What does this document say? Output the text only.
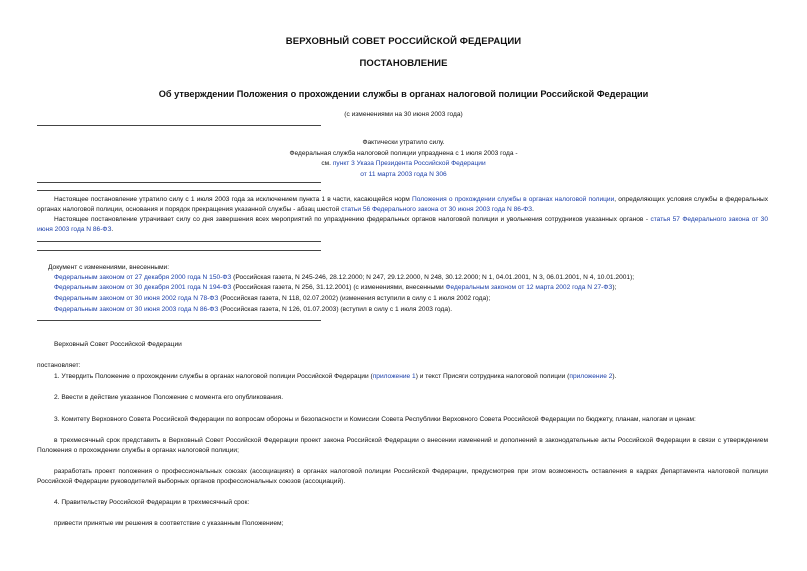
ВЕРХОВНЫЙ СОВЕТ РОССИЙСКОЙ ФЕДЕРАЦИИ
ПОСТАНОВЛЕНИЕ
Об утверждении Положения о прохождении службы в органах налоговой полиции Российской Федерации
(с изменениями на 30 июня 2003 года)
Фактически утратило силу.
Федеральная служба налоговой полиции упразднена с 1 июля 2003 года -
см. пункт 3 Указа Президента Российской Федерации
от 11 марта 2003 года N 306
Настоящее постановление утратило силу с 1 июля 2003 года за исключением пункта 1 в части, касающейся норм Положения о прохождении службы в органах налоговой полиции, определяющих условия службы в федеральных органах налоговой полиции, основания и порядок прекращения указанной службы - абзац шестой статьи 56 Федерального закона от 30 июня 2003 года N 86-ФЗ.
Настоящее постановление утрачивает силу со дня завершения всех мероприятий по упразднению федеральных органов налоговой полиции и увольнения сотрудников указанных органов - статья 57 Федерального закона от 30 июня 2003 года N 86-ФЗ.
Документ с изменениями, внесенными:
Федеральным законом от 27 декабря 2000 года N 150-ФЗ (Российская газета, N 245-246, 28.12.2000; N 247, 29.12.2000, N 248, 30.12.2000; N 1, 04.01.2001, N 3, 06.01.2001, N 4, 10.01.2001);
Федеральным законом от 30 декабря 2001 года N 194-ФЗ (Российская газета, N 256, 31.12.2001) (с изменениями, внесенными Федеральным законом от 12 марта 2002 года N 27-ФЗ);
Федеральным законом от 30 июня 2002 года N 78-ФЗ (Российская газета, N 118, 02.07.2002) (изменения вступили в силу с 1 июля 2002 года);
Федеральным законом от 30 июня 2003 года N 86-ФЗ (Российская газета, N 126, 01.07.2003) (вступил в силу с 1 июля 2003 года).
Верховный Совет Российской Федерации
постановляет:
1. Утвердить Положение о прохождении службы в органах налоговой полиции Российской Федерации (приложение 1) и текст Присяги сотрудника налоговой полиции (приложение 2).
2. Ввести в действие указанное Положение с момента его опубликования.
3. Комитету Верховного Совета Российской Федерации по вопросам обороны и безопасности и Комиссии Совета Республики Верховного Совета Российской Федерации по бюджету, планам, налогам и ценам:
в трехмесячный срок представить в Верховный Совет Российской Федерации проект закона Российской Федерации о внесении изменений и дополнений в законодательные акты Российской Федерации в связи с утверждением Положения о прохождении службы в органах налоговой полиции;
разработать проект положения о профессиональных союзах (ассоциациях) в органах налоговой полиции Российской Федерации, предусмотрев при этом возможность оставления в кадрах Департамента налоговой полиции Российской Федерации руководителей выборных органов профессиональных союзов (ассоциаций).
4. Правительству Российской Федерации в трехмесячный срок:
привести принятые им решения в соответствие с указанным Положением;
